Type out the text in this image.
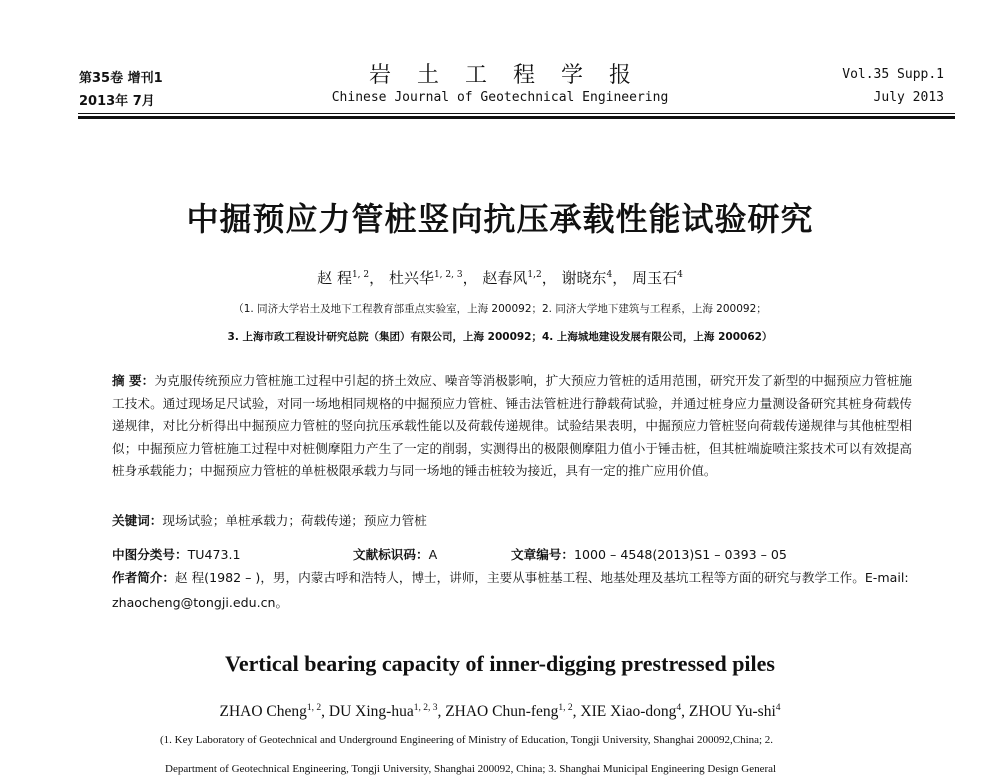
第35卷 增刊1
2013年 7月
岩土工程学报
Chinese Journal of Geotechnical Engineering
Vol.35 Supp.1
July 2013
中掘预应力管桩竖向抗压承载性能试验研究
赵 程$^{1, 2}$， 杜兴华$^{1, 2, 3}$， 赵春风$^{1,2}$， 谢晓东$^4$， 周玉石$^4$
（1. 同济大学岩土及地下工程教育部重点实验室，上海 200092；2. 同济大学地下建筑与工程系，上海 200092；
3. 上海市政工程设计研究总院（集团）有限公司，上海 200092；4. 上海城地建设发展有限公司，上海 200062）
摘 要：为克服传统预应力管桩施工过程中引起的挤土效应、噪音等消极影响，扩大预应力管桩的适用范围，研究开发了新型的中掘预应力管桩施工技术。通过现场足尺试验，对同一场地相同规格的中掘预应力管桩、锤击法管桩进行静载荷试验，并通过桩身应力量测设备研究其桩身荷载传递规律，对比分析得出中掘预应力管桩的竖向抗压承载性能以及荷载传递规律。试验结果表明，中掘预应力管桩竖向荷载传递规律与其他桩型相似；中掘预应力管桩施工过程中对桩侧摩阻力产生了一定的削弱，实测得出的极限侧摩阻力值小于锤击桩，但其桩端旋喷注浆技术可以有效提高桩身承载能力；中掘预应力管桩的单桩极限承载力与同一场地的锤击桩较为接近，具有一定的推广应用价值。
关键词：现场试验；单桩承载力；荷载传递；预应力管桩
中图分类号：TU473.1	文献标识码：A	文章编号：1000 – 4548(2013)S1 – 0393 – 05
作者简介：赵 程(1982 – )，男，内蒙古呼和浩特人，博士，讲师，主要从事桩基工程、地基处理及基坑工程等方面的研究与教学工作。E-mail: zhaocheng@tongji.edu.cn。
Vertical bearing capacity of inner-digging prestressed piles
ZHAO Cheng$^{1, 2}$, DU Xing-hua$^{1, 2, 3}$, ZHAO Chun-feng$^{1, 2}$, XIE Xiao-dong$^4$, ZHOU Yu-shi$^4$
(1. Key Laboratory of Geotechnical and Underground Engineering of Ministry of Education, Tongji University, Shanghai 200092,China; 2.
Department of Geotechnical Engineering, Tongji University, Shanghai 200092, China; 3. Shanghai Municipal Engineering Design General
